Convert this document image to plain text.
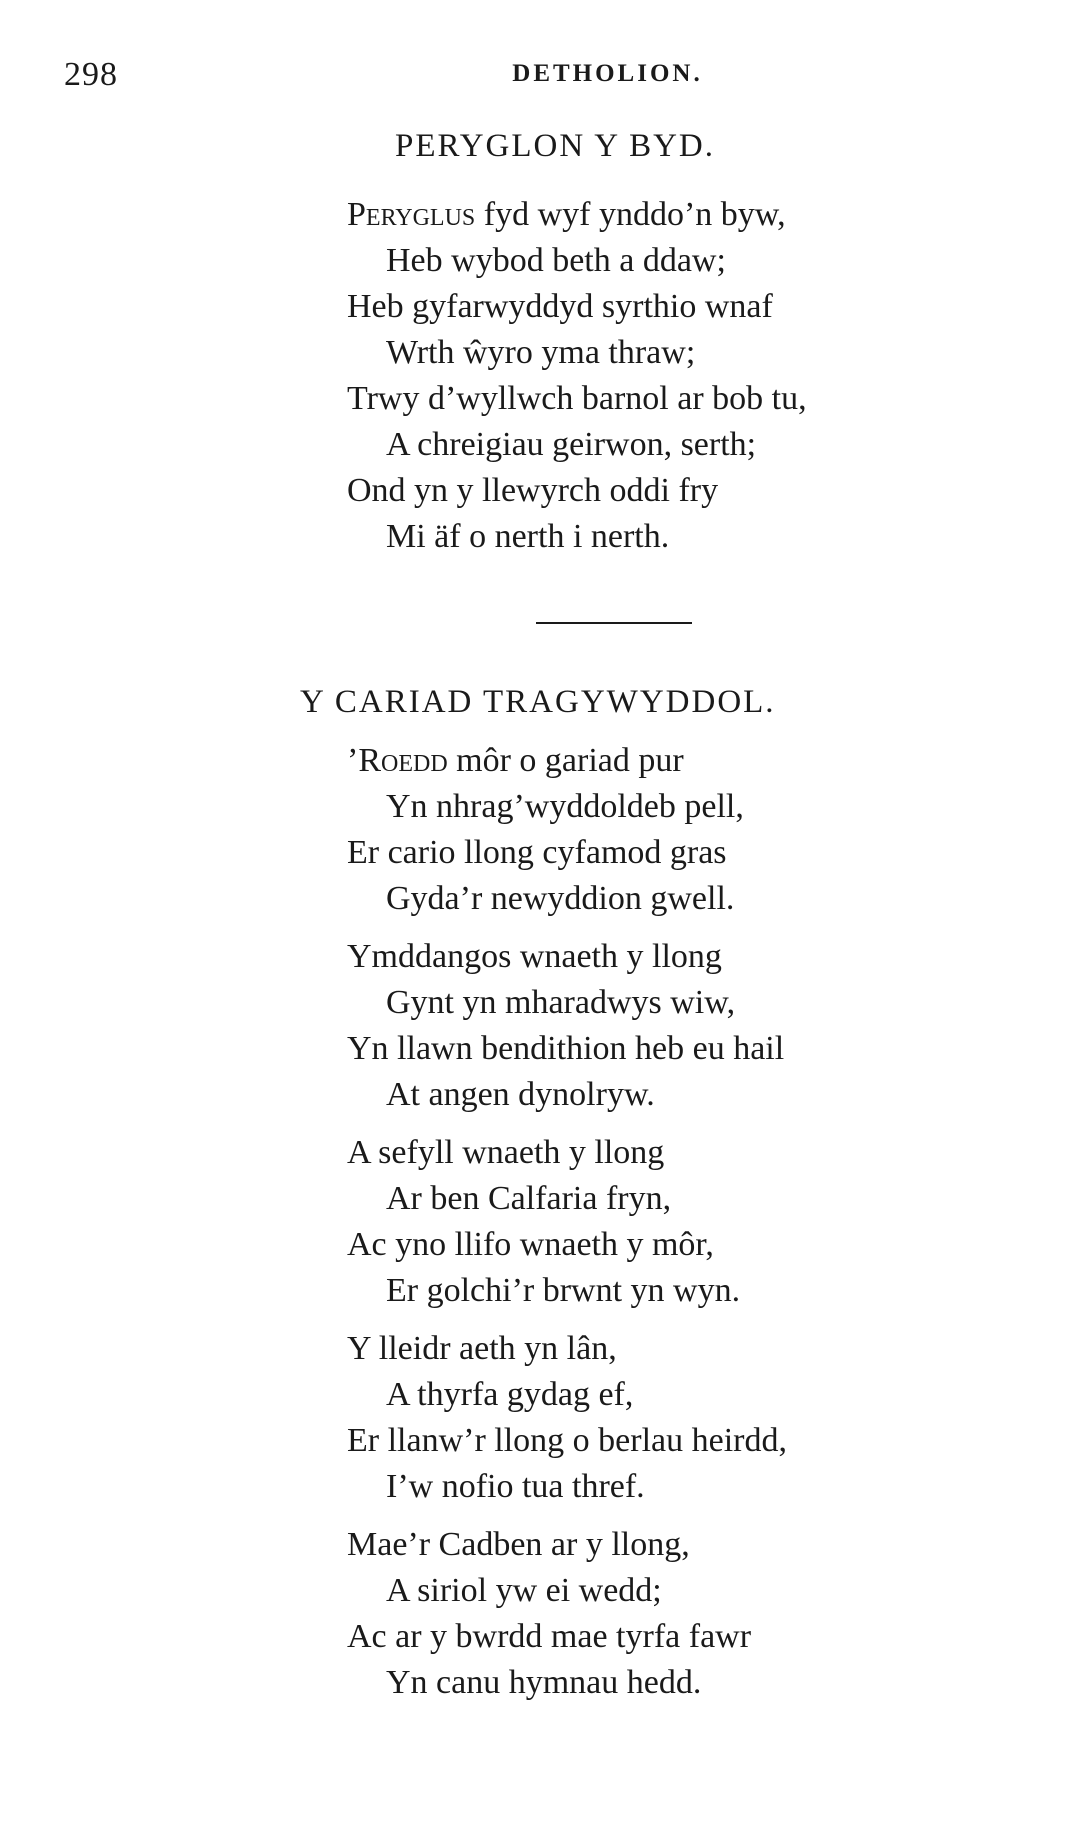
298	DETHOLION.
PERYGLON Y BYD.
Peryglus fyd wyf ynddo’n byw,
Heb wybod beth a ddaw;
Heb gyfarwyddyd syrthio wnaf
Wrth ŵyro yma thraw;
Trwy d’wyllwch barnol ar bob tu,
A chreigiau geirwon, serth;
Ond yn y llewyrch oddi fry
Mi äf o nerth i nerth.
Y CARIAD TRAGYWYDDOL.
’Roedd môr o gariad pur
Yn nhrag’wyddoldeb pell,
Er cario llong cyfamod gras
Gyda’r newyddion gwell.
Ymddangos wnaeth y llong
Gynt yn mharadwys wiw,
Yn llawn bendithion heb eu hail
At angen dynolryw.
A sefyll wnaeth y llong
Ar ben Calfaria fryn,
Ac yno llifo wnaeth y môr,
Er golchi’r brwnt yn wyn.
Y lleidr aeth yn lân,
A thyrfa gydag ef,
Er llanw’r llong o berlau heirdd,
I’w nofio tua thref.
Mae’r Cadben ar y llong,
A siriol yw ei wedd;
Ac ar y bwrdd mae tyrfa fawr
Yn canu hymnau hedd.
